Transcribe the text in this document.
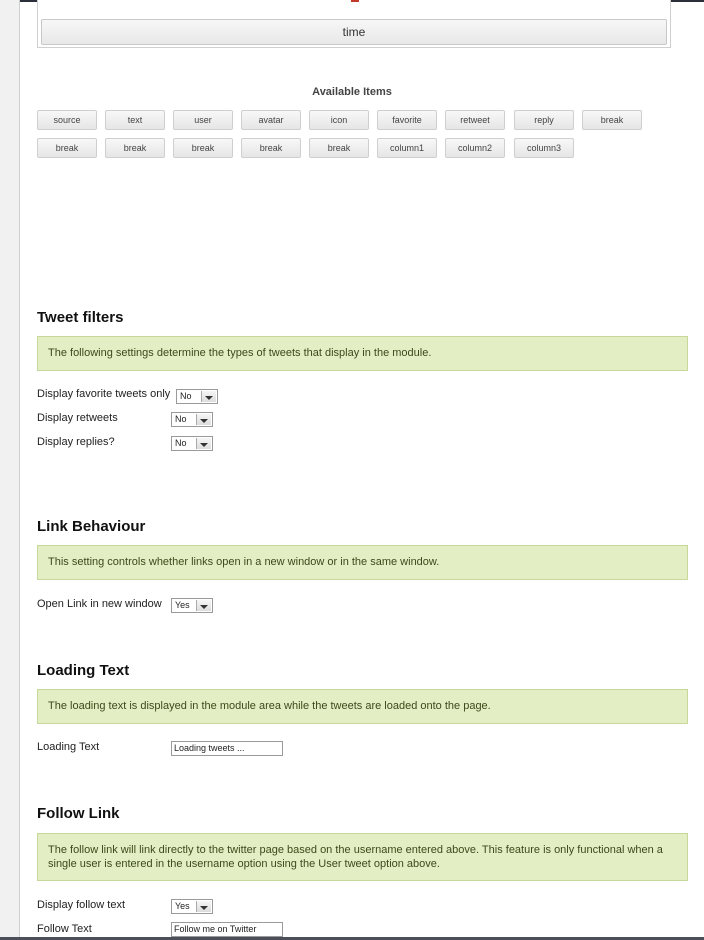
time
Available Items
source	text	user	avatar	icon	favorite	retweet	reply	break
break	break	break	break	break	column1	column2	column3
Tweet filters
The following settings determine the types of tweets that display in the module.
Display favorite tweets only	No
Display retweets	No
Display replies?	No
Link Behaviour
This setting controls whether links open in a new window or in the same window.
Open Link in new window	Yes
Loading Text
The loading text is displayed in the module area while the tweets are loaded onto the page.
Loading Text	Loading tweets ...
Follow Link
The follow link will link directly to the twitter page based on the username entered above. This feature is only functional when a single user is entered in the username option using the User tweet option above.
Display follow text	Yes
Follow Text	Follow me on Twitter
